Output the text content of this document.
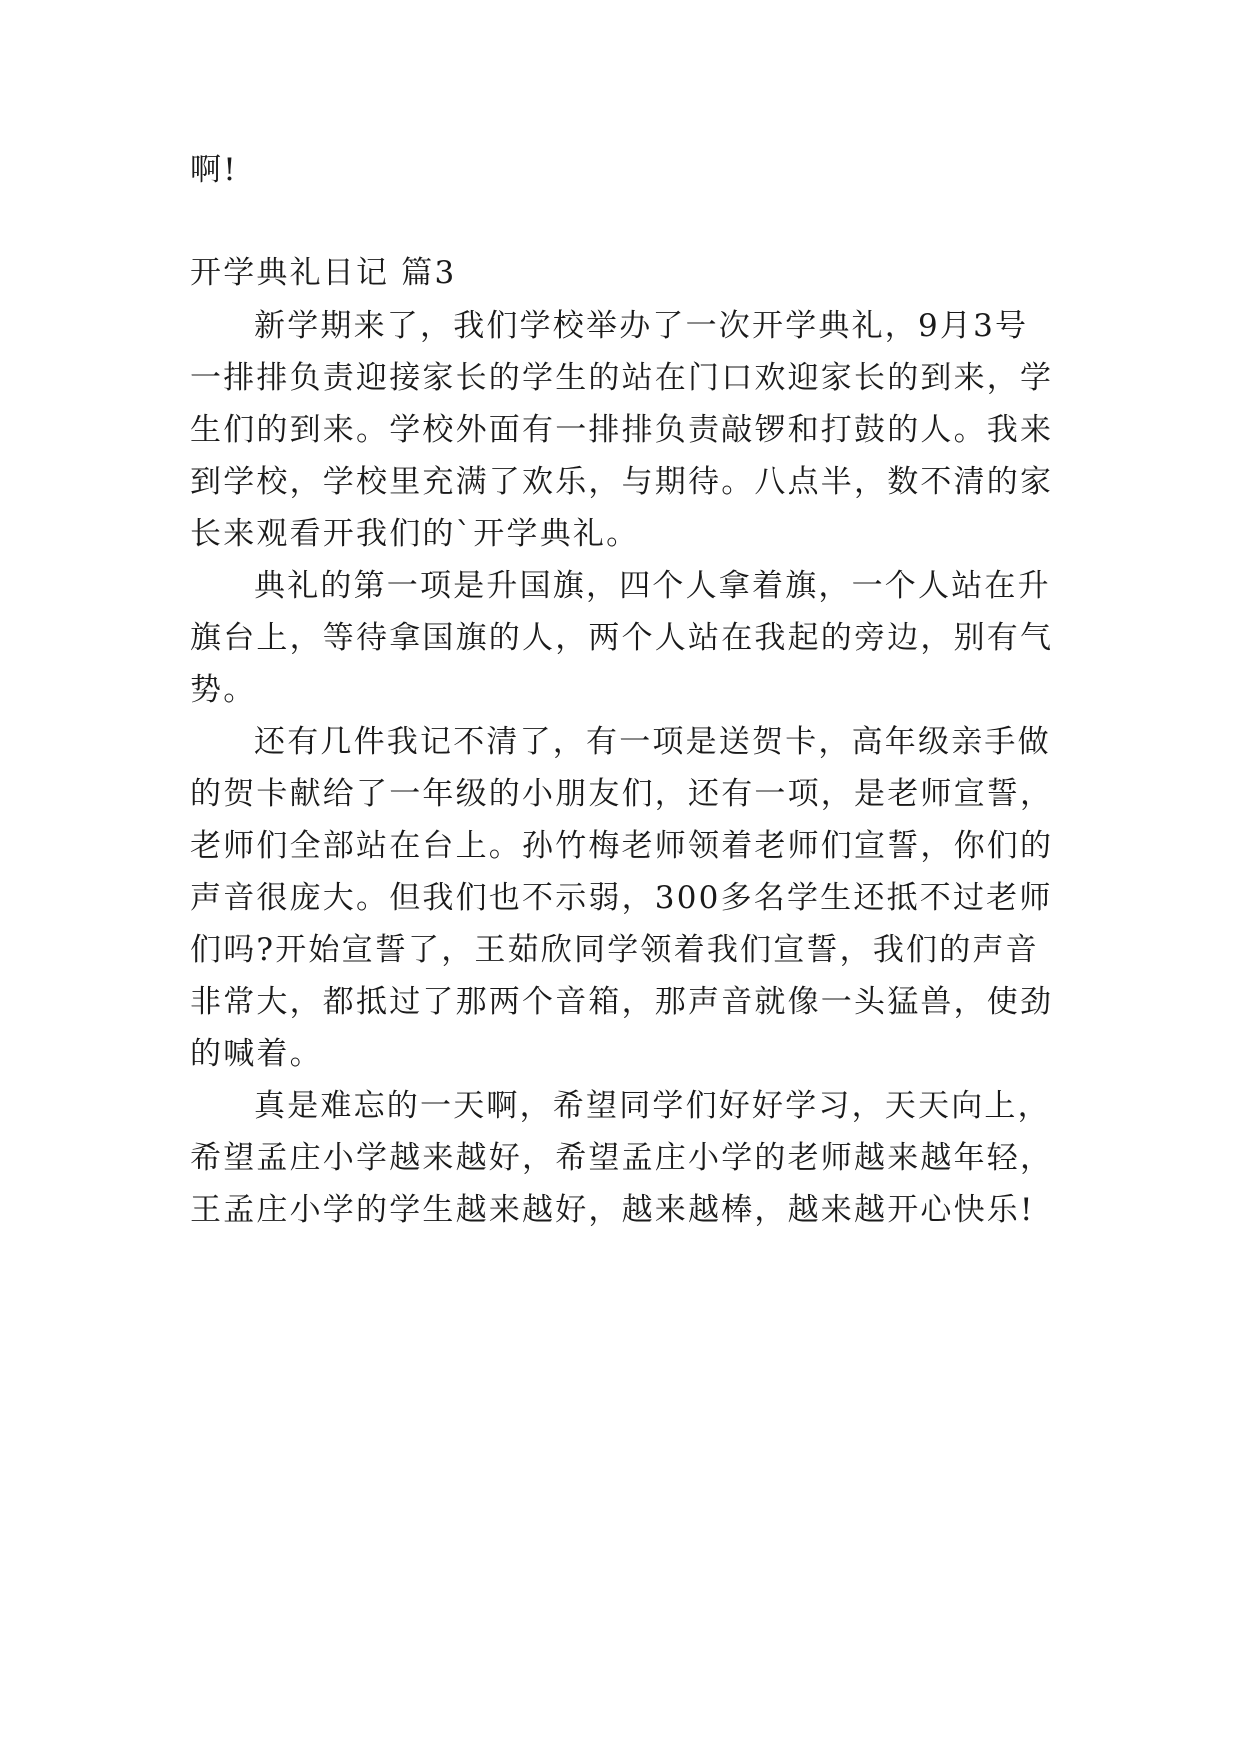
啊!
开学典礼日记 篇3
新学期来了，我们学校举办了一次开学典礼，9月3号
一排排负责迎接家长的学生的站在门口欢迎家长的到来，学
生们的到来。学校外面有一排排负责敲锣和打鼓的人。我来
到学校，学校里充满了欢乐，与期待。八点半，数不清的家
长来观看开我们的`开学典礼。
典礼的第一项是升国旗，四个人拿着旗，一个人站在升
旗台上，等待拿国旗的人，两个人站在我起的旁边，别有气
势。
还有几件我记不清了，有一项是送贺卡，高年级亲手做
的贺卡献给了一年级的小朋友们，还有一项，是老师宣誓，
老师们全部站在台上。孙竹梅老师领着老师们宣誓，你们的
声音很庞大。但我们也不示弱，300多名学生还抵不过老师
们吗?开始宣誓了，王茹欣同学领着我们宣誓，我们的声音
非常大，都抵过了那两个音箱，那声音就像一头猛兽，使劲
的喊着。
真是难忘的一天啊，希望同学们好好学习，天天向上，
希望孟庄小学越来越好，希望孟庄小学的老师越来越年轻，
王孟庄小学的学生越来越好，越来越棒，越来越开心快乐!
